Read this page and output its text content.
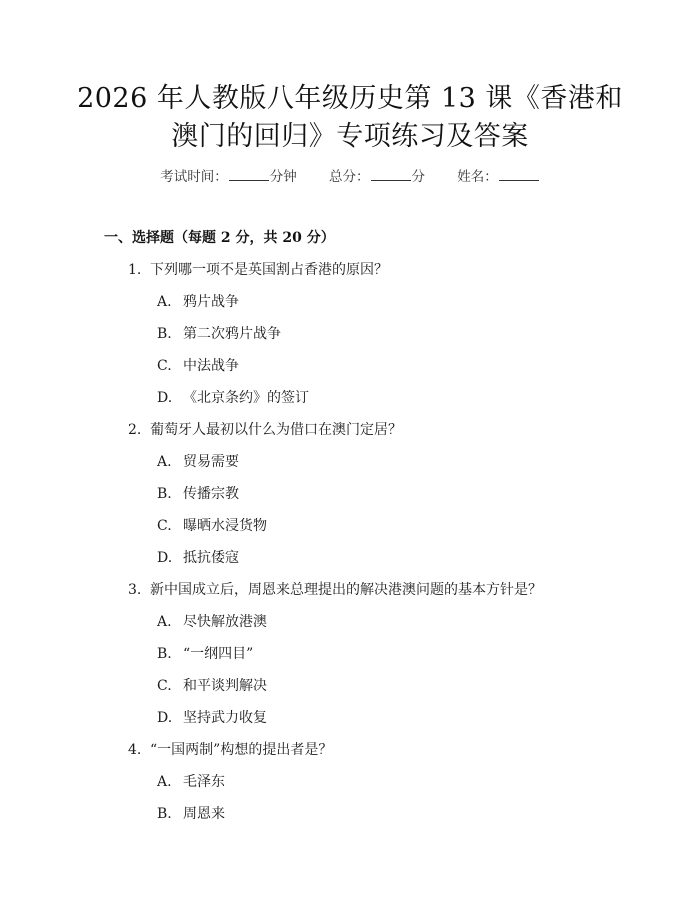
2026 年人教版八年级历史第 13 课《香港和
澳门的回归》专项练习及答案
考试时间：	分钟 总分：	分 姓名：
一、选择题（每题 2 分，共 20 分）
1. 下列哪一项不是英国割占香港的原因？
A. 鸦片战争
B. 第二次鸦片战争
C. 中法战争
D. 《北京条约》的签订
2. 葡萄牙人最初以什么为借口在澳门定居？
A. 贸易需要
B. 传播宗教
C. 曝晒水浸货物
D. 抵抗倭寇
3. 新中国成立后，周恩来总理提出的解决港澳问题的基本方针是？
A. 尽快解放港澳
B. “一纲四目”
C. 和平谈判解决
D. 坚持武力收复
4. “一国两制”构想的提出者是？
A. 毛泽东
B. 周恩来
